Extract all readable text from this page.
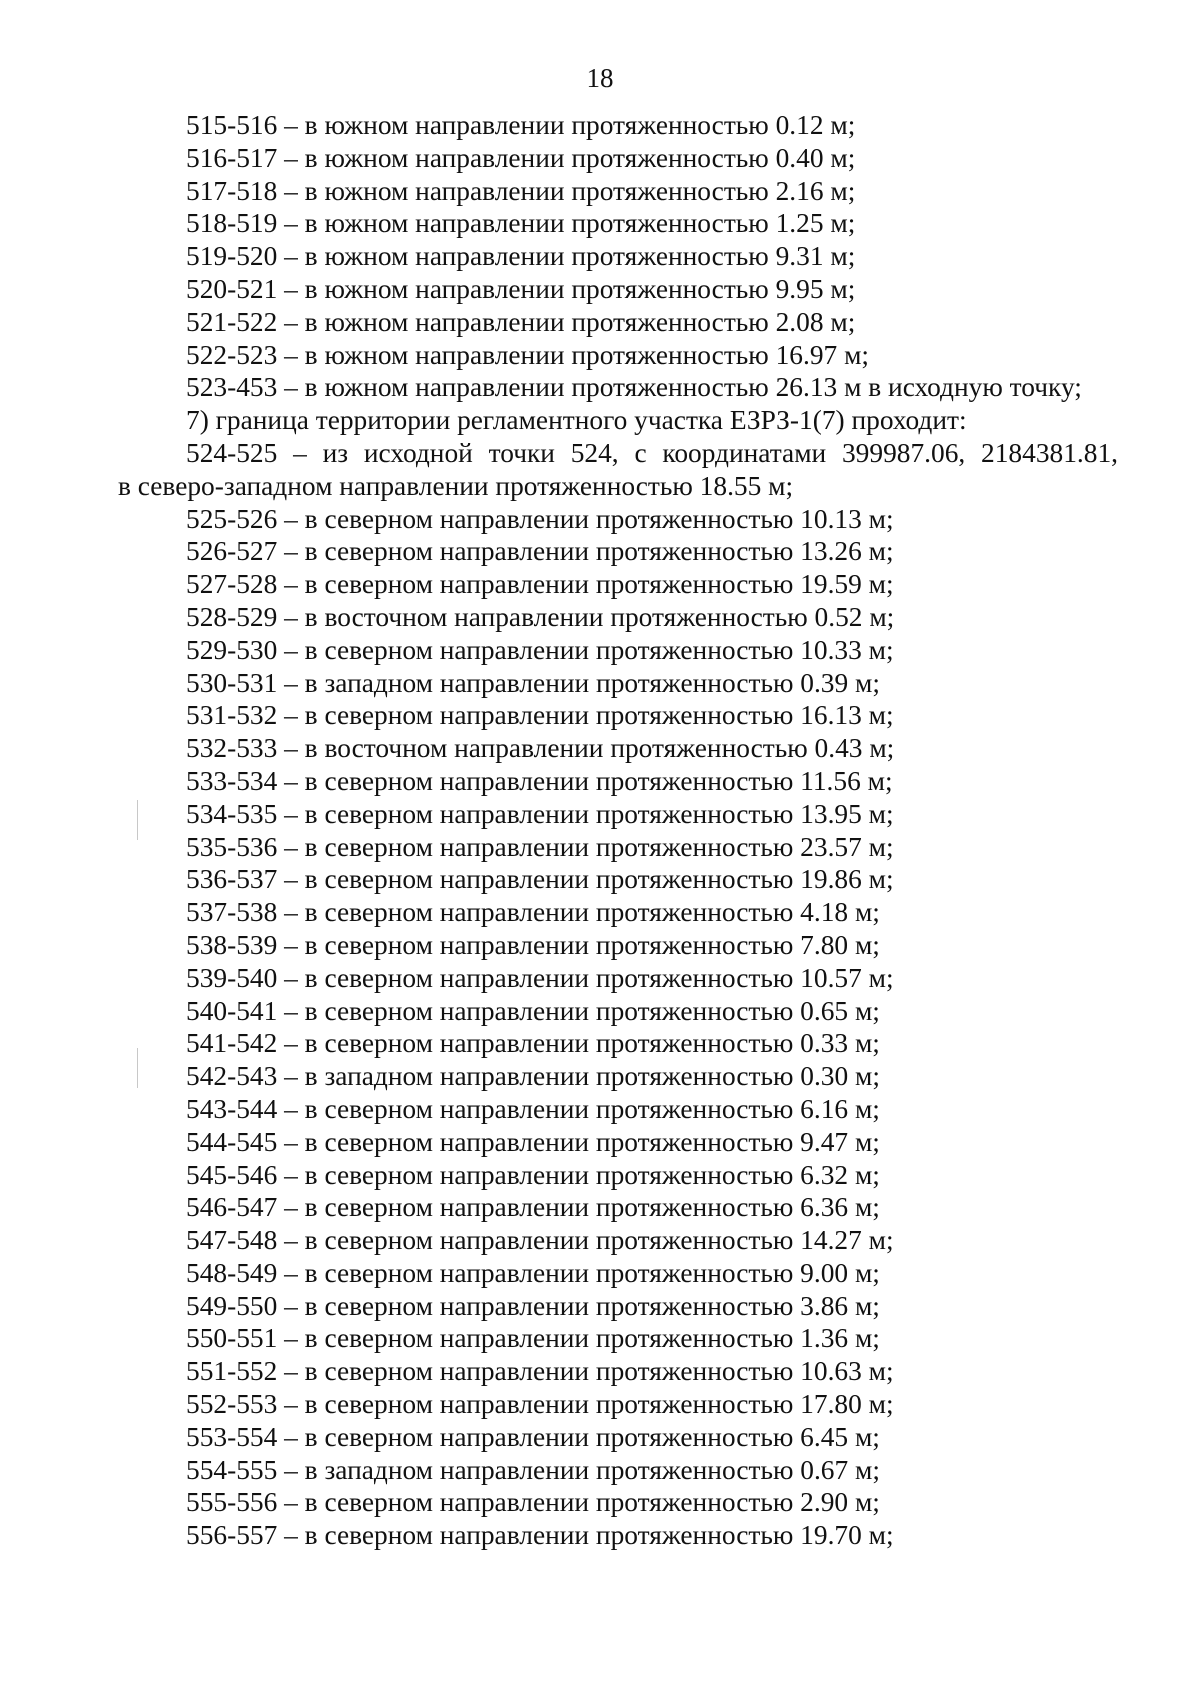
18
515-516 – в южном направлении протяженностью 0.12 м;
516-517 – в южном направлении протяженностью 0.40 м;
517-518 – в южном направлении протяженностью 2.16 м;
518-519 – в южном направлении протяженностью 1.25 м;
519-520 – в южном направлении протяженностью 9.31 м;
520-521 – в южном направлении протяженностью 9.95 м;
521-522 – в южном направлении протяженностью 2.08 м;
522-523 – в южном направлении протяженностью 16.97 м;
523-453 – в южном направлении протяженностью 26.13 м в исходную точку;
7) граница территории регламентного участка ЕЗРЗ-1(7) проходит:
524-525 – из исходной точки 524, с координатами 399987.06, 2184381.81,
в северо-западном направлении протяженностью 18.55 м;
525-526 – в северном направлении протяженностью 10.13 м;
526-527 – в северном направлении протяженностью 13.26 м;
527-528 – в северном направлении протяженностью 19.59 м;
528-529 – в восточном направлении протяженностью 0.52 м;
529-530 – в северном направлении протяженностью 10.33 м;
530-531 – в западном направлении протяженностью 0.39 м;
531-532 – в северном направлении протяженностью 16.13 м;
532-533 – в восточном направлении протяженностью 0.43 м;
533-534 – в северном направлении протяженностью 11.56 м;
534-535 – в северном направлении протяженностью 13.95 м;
535-536 – в северном направлении протяженностью 23.57 м;
536-537 – в северном направлении протяженностью 19.86 м;
537-538 – в северном направлении протяженностью 4.18 м;
538-539 – в северном направлении протяженностью 7.80 м;
539-540 – в северном направлении протяженностью 10.57 м;
540-541 – в северном направлении протяженностью 0.65 м;
541-542 – в северном направлении протяженностью 0.33 м;
542-543 – в западном направлении протяженностью 0.30 м;
543-544 – в северном направлении протяженностью 6.16 м;
544-545 – в северном направлении протяженностью 9.47 м;
545-546 – в северном направлении протяженностью 6.32 м;
546-547 – в северном направлении протяженностью 6.36 м;
547-548 – в северном направлении протяженностью 14.27 м;
548-549 – в северном направлении протяженностью 9.00 м;
549-550 – в северном направлении протяженностью 3.86 м;
550-551 – в северном направлении протяженностью 1.36 м;
551-552 – в северном направлении протяженностью 10.63 м;
552-553 – в северном направлении протяженностью 17.80 м;
553-554 – в северном направлении протяженностью 6.45 м;
554-555 – в западном направлении протяженностью 0.67 м;
555-556 – в северном направлении протяженностью 2.90 м;
556-557 – в северном направлении протяженностью 19.70 м;
